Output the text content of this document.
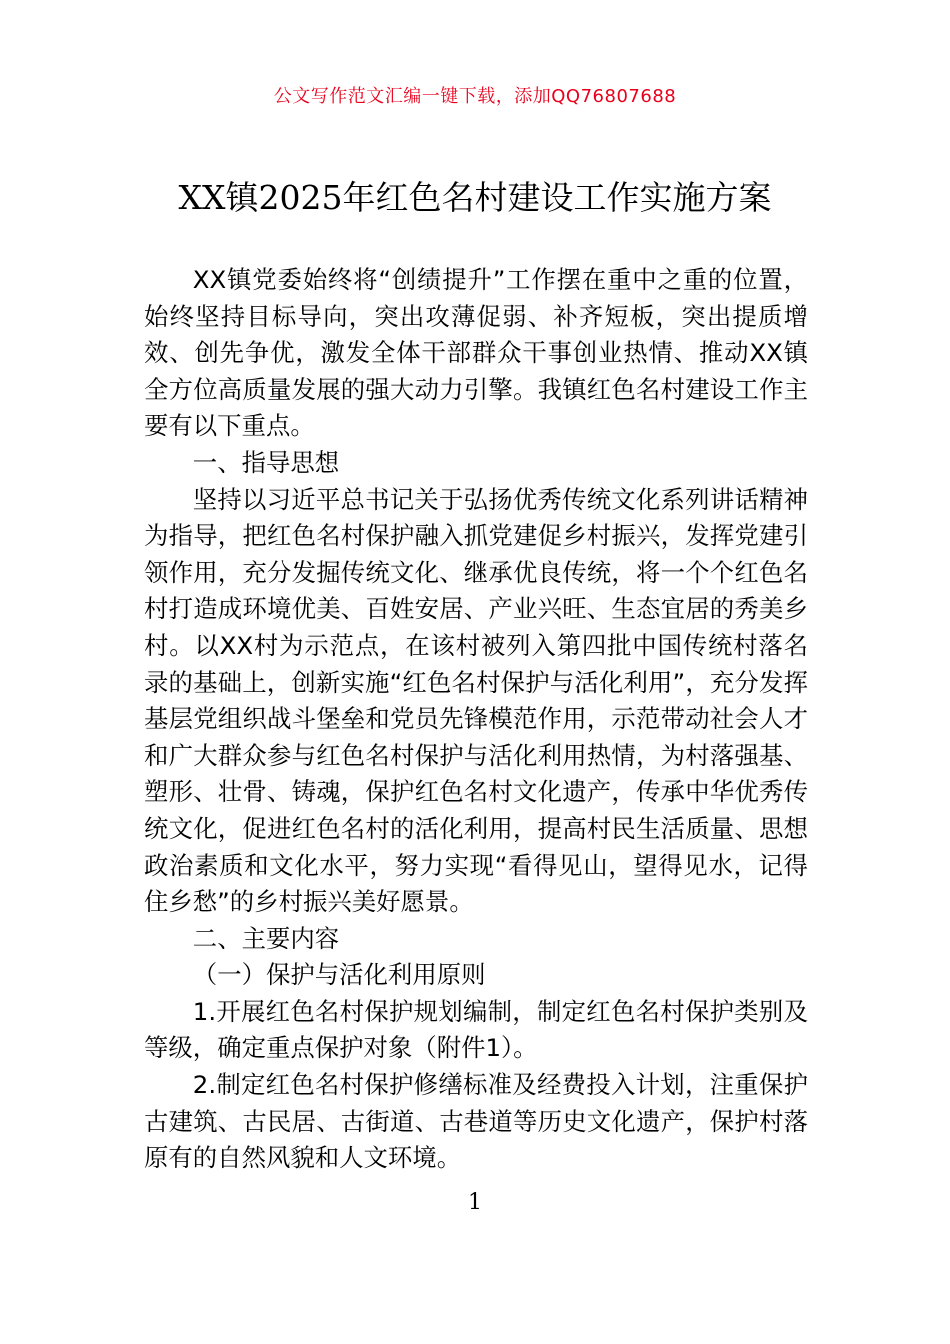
公文写作范文汇编一键下载，添加QQ76807688
XX镇2025年红色名村建设工作实施方案

XX镇党委始终将“创绩提升”工作摆在重中之重的位置，始终坚持目标导向，突出攻薄促弱、补齐短板，突出提质增效、创先争优，激发全体干部群众干事创业热情、推动XX镇全方位高质量发展的强大动力引擎。我镇红色名村建设工作主要有以下重点。

一、指导思想

坚持以习近平总书记关于弘扬优秀传统文化系列讲话精神为指导，把红色名村保护融入抓党建促乡村振兴，发挥党建引领作用，充分发掘传统文化、继承优良传统，将一个个红色名村打造成环境优美、百姓安居、产业兴旺、生态宜居的秀美乡村。以XX村为示范点，在该村被列入第四批中国传统村落名录的基础上，创新实施“红色名村保护与活化利用”，充分发挥基层党组织战斗堡垒和党员先锋模范作用，示范带动社会人才和广大群众参与红色名村保护与活化利用热情，为村落强基、塑形、壮骨、铸魂，保护红色名村文化遗产，传承中华优秀传统文化，促进红色名村的活化利用，提高村民生活质量、思想政治素质和文化水平，努力实现“看得见山，望得见水，记得住乡愁”的乡村振兴美好愿景。

二、主要内容

（一）保护与活化利用原则

1.开展红色名村保护规划编制，制定红色名村保护类别及等级，确定重点保护对象（附件1）。

2.制定红色名村保护修缮标准及经费投入计划，注重保护古建筑、古民居、古街道、古巷道等历史文化遗产，保护村落原有的自然风貌和人文环境。

1
